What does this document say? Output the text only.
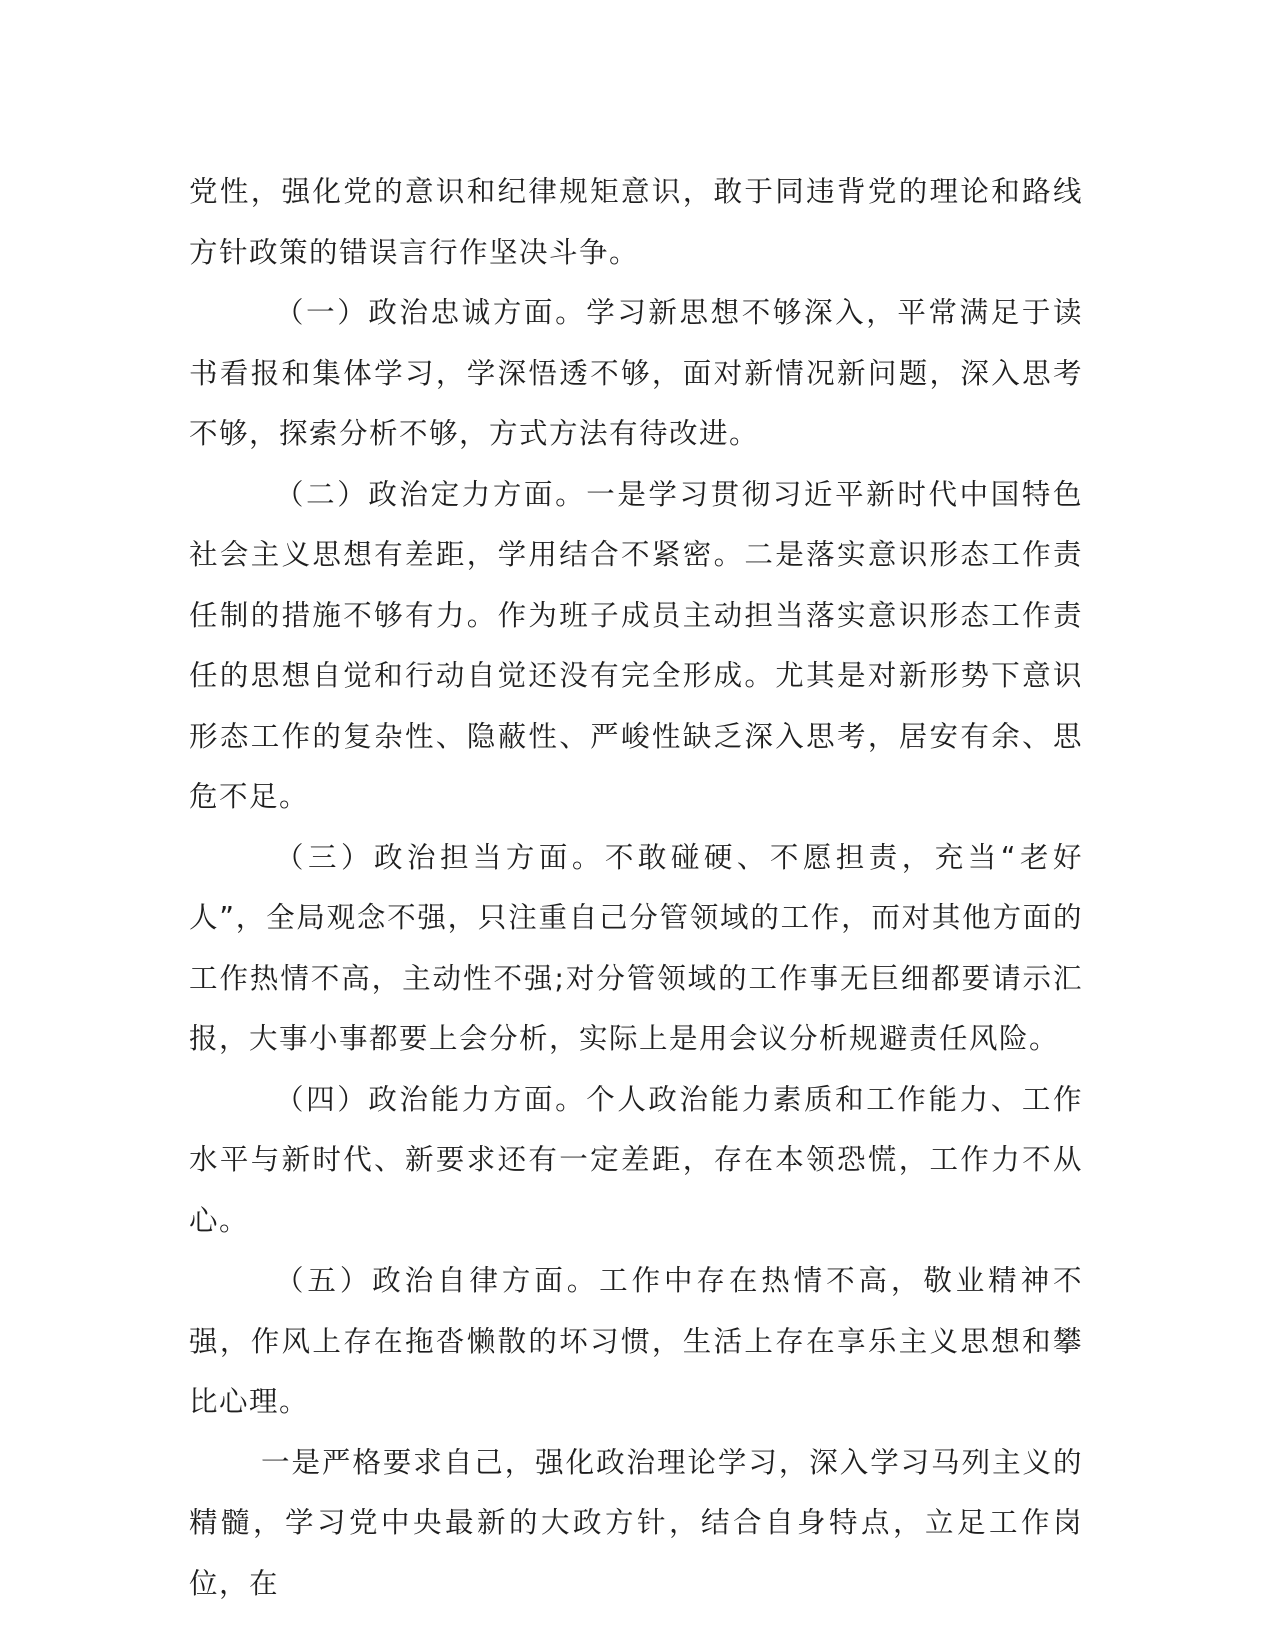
党性，强化党的意识和纪律规矩意识，敢于同违背党的理论和路线方针政策的错误言行作坚决斗争。

（一）政治忠诚方面。学习新思想不够深入，平常满足于读书看报和集体学习，学深悟透不够，面对新情况新问题，深入思考不够，探索分析不够，方式方法有待改进。

（二）政治定力方面。一是学习贯彻习近平新时代中国特色社会主义思想有差距，学用结合不紧密。二是落实意识形态工作责任制的措施不够有力。作为班子成员主动担当落实意识形态工作责任的思想自觉和行动自觉还没有完全形成。尤其是对新形势下意识形态工作的复杂性、隐蔽性、严峻性缺乏深入思考，居安有余、思危不足。

（三）政治担当方面。不敢碰硬、不愿担责，充当“老好人”，全局观念不强，只注重自己分管领域的工作，而对其他方面的工作热情不高，主动性不强;对分管领域的工作事无巨细都要请示汇报，大事小事都要上会分析，实际上是用会议分析规避责任风险。

（四）政治能力方面。个人政治能力素质和工作能力、工作水平与新时代、新要求还有一定差距，存在本领恐慌，工作力不从心。

（五）政治自律方面。工作中存在热情不高，敬业精神不强，作风上存在拖沓懒散的坏习惯，生活上存在享乐主义思想和攀比心理。

一是严格要求自己，强化政治理论学习，深入学习马列主义的精髓，学习党中央最新的大政方针，结合自身特点，立足工作岗位，在
